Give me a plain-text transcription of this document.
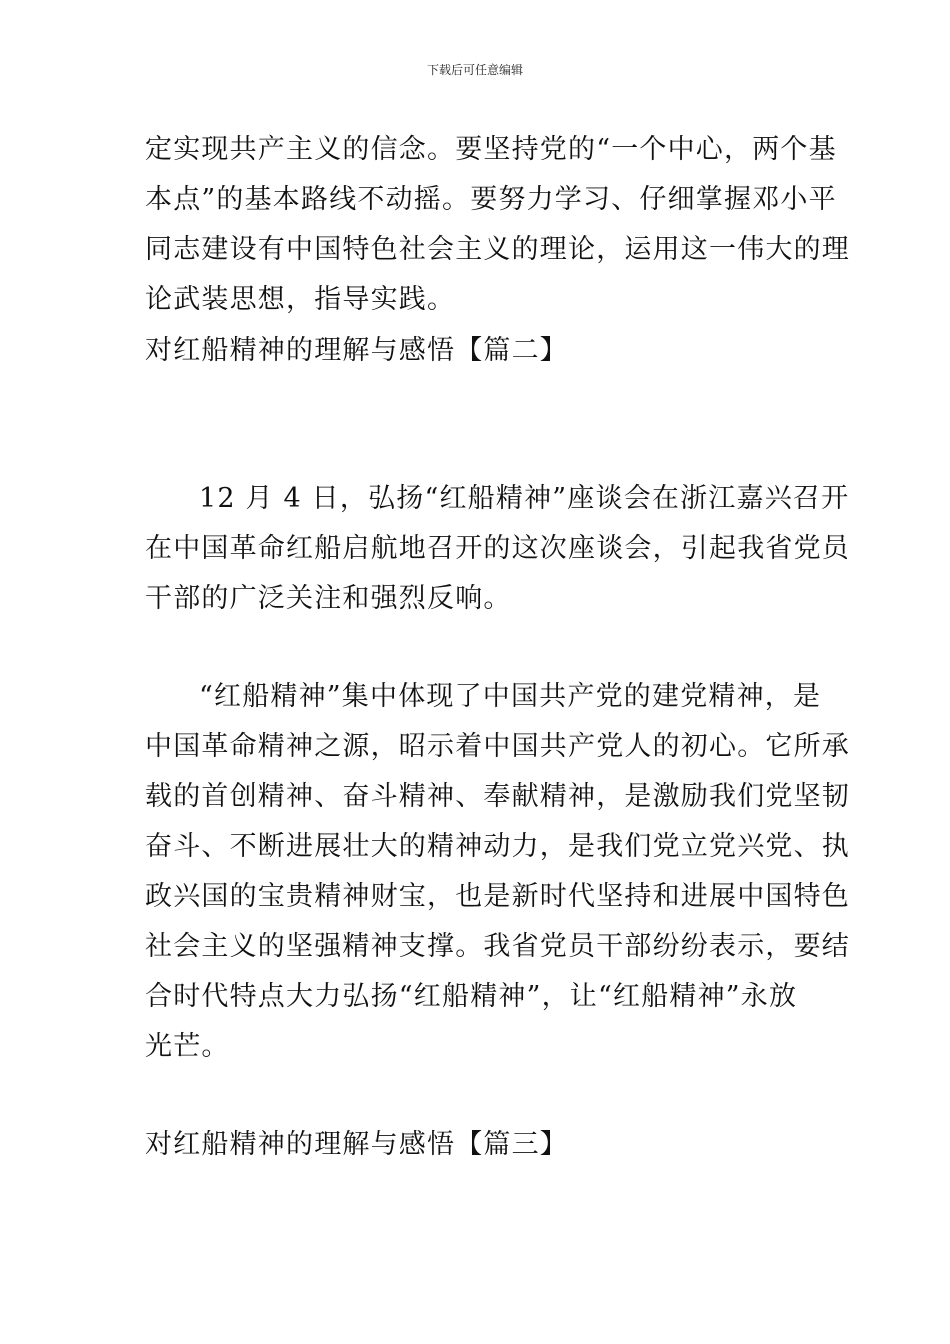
下载后可任意编辑
定实现共产主义的信念。要坚持党的“一个中心，两个基
本点”的基本路线不动摇。要努力学习、仔细掌握邓小平
同志建设有中国特色社会主义的理论，运用这一伟大的理
论武装思想，指导实践。
对红船精神的理解与感悟【篇二】
12 月 4 日，弘扬“红船精神”座谈会在浙江嘉兴召开
在中国革命红船启航地召开的这次座谈会，引起我省党员
干部的广泛关注和强烈反响。
“红船精神”集中体现了中国共产党的建党精神，是
中国革命精神之源，昭示着中国共产党人的初心。它所承
载的首创精神、奋斗精神、奉献精神，是激励我们党坚韧
奋斗、不断进展壮大的精神动力，是我们党立党兴党、执
政兴国的宝贵精神财宝，也是新时代坚持和进展中国特色
社会主义的坚强精神支撑。我省党员干部纷纷表示，要结
合时代特点大力弘扬“红船精神”，让“红船精神”永放
光芒。
对红船精神的理解与感悟【篇三】
